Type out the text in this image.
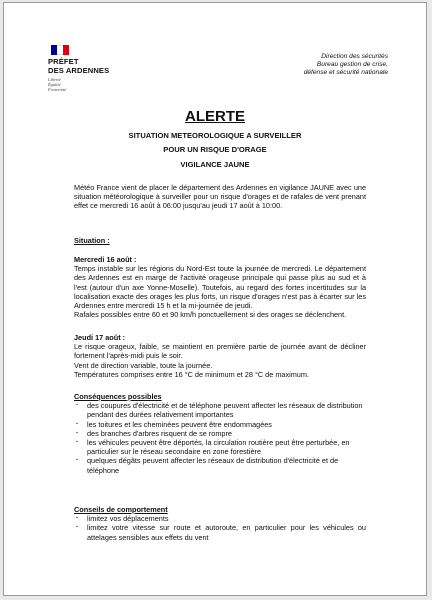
PRÉFET
DES ARDENNES
Liberté
Égalité
Fraternité
Direction des sécurités
Bureau gestion de crise,
défense et sécurité nationale
ALERTE
SITUATION METEOROLOGIQUE A SURVEILLER
POUR UN RISQUE D'ORAGE
VIGILANCE JAUNE
Météo France vient de placer le département des Ardennes en vigilance JAUNE avec une situation météorologique à surveiller pour un risque d'orages et de rafales de vent prenant effet ce mercredi 16 août à 06:00 jusqu'au jeudi 17 août à 10:00.
Situation :
Mercredi 16 août :
Temps instable sur les régions du Nord-Est toute la journée de mercredi. Le département des Ardennes est en marge de l'activité orageuse principale qui passe plus au sud et à l'est (autour d'un axe Yonne-Moselle). Toutefois, au regard des fortes incertitudes sur la localisation exacte des orages les plus forts, un risque d'orages n'est pas à écarter sur les Ardennes entre mercredi 15 h et la mi-journée de jeudi.
Rafales possibles entre 60 et 90 km/h ponctuellement si des orages se déclenchent.
Jeudi 17 août :
Le risque orageux, faible, se maintient en première partie de journée avant de décliner fortement l'après-midi puis le soir.
Vent de direction variable, toute la journée.
Températures comprises entre 16 °C de minimum et 28 °C de maximum.
Conséquences possibles
· des coupures d'électricité et de téléphone peuvent affecter les réseaux de distribution pendant des durées relativement importantes
· les toitures et les cheminées peuvent être endommagées
· des branches d'arbres risquent de se rompre
· les véhicules peuvent être déportés, la circulation routière peut être perturbée, en particulier sur le réseau secondaire en zone forestière
· quelques dégâts peuvent affecter les réseaux de distribution d'électricité et de téléphone
Conseils de comportement
· limitez vos déplacements
· limitez votre vitesse sur route et autoroute, en particulier pour les véhicules ou attelages sensibles aux effets du vent
